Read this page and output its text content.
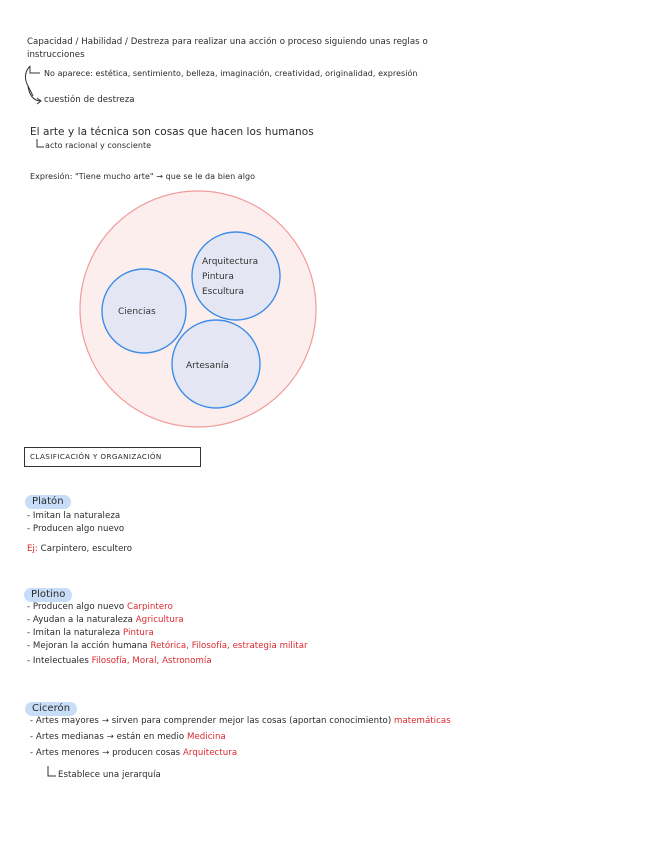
Capacidad / Habilidad / Destreza para realizar una acción o proceso siguiendo unas reglas o
instrucciones
No aparece: estética, sentimiento, belleza, imaginación, creatividad, originalidad, expresión
cuestión de destreza
El arte y la técnica son cosas que hacen los humanos
acto racional y consciente
Expresión: "Tiene mucho arte" → que se le da bien algo
Ciencias
Arquitectura
Pintura
Escultura
Artesanía
CLASIFICACIÓN Y ORGANIZACIÓN
Platón
- Imitan la naturaleza
- Producen algo nuevo
Ej: Carpintero, escultero
Plotino
- Producen algo nuevo Carpintero
- Ayudan a la naturaleza Agricultura
- Imitan la naturaleza Pintura
- Mejoran la acción humana Retórica, Filosofía, estrategia militar
- Intelectuales Filosofía, Moral, Astronomía
Cicerón
- Artes mayores → sirven para comprender mejor las cosas (aportan conocimiento) matemáticas
- Artes medianas → están en medio Medicina
- Artes menores → producen cosas Arquitectura
Establece una jerarquía
